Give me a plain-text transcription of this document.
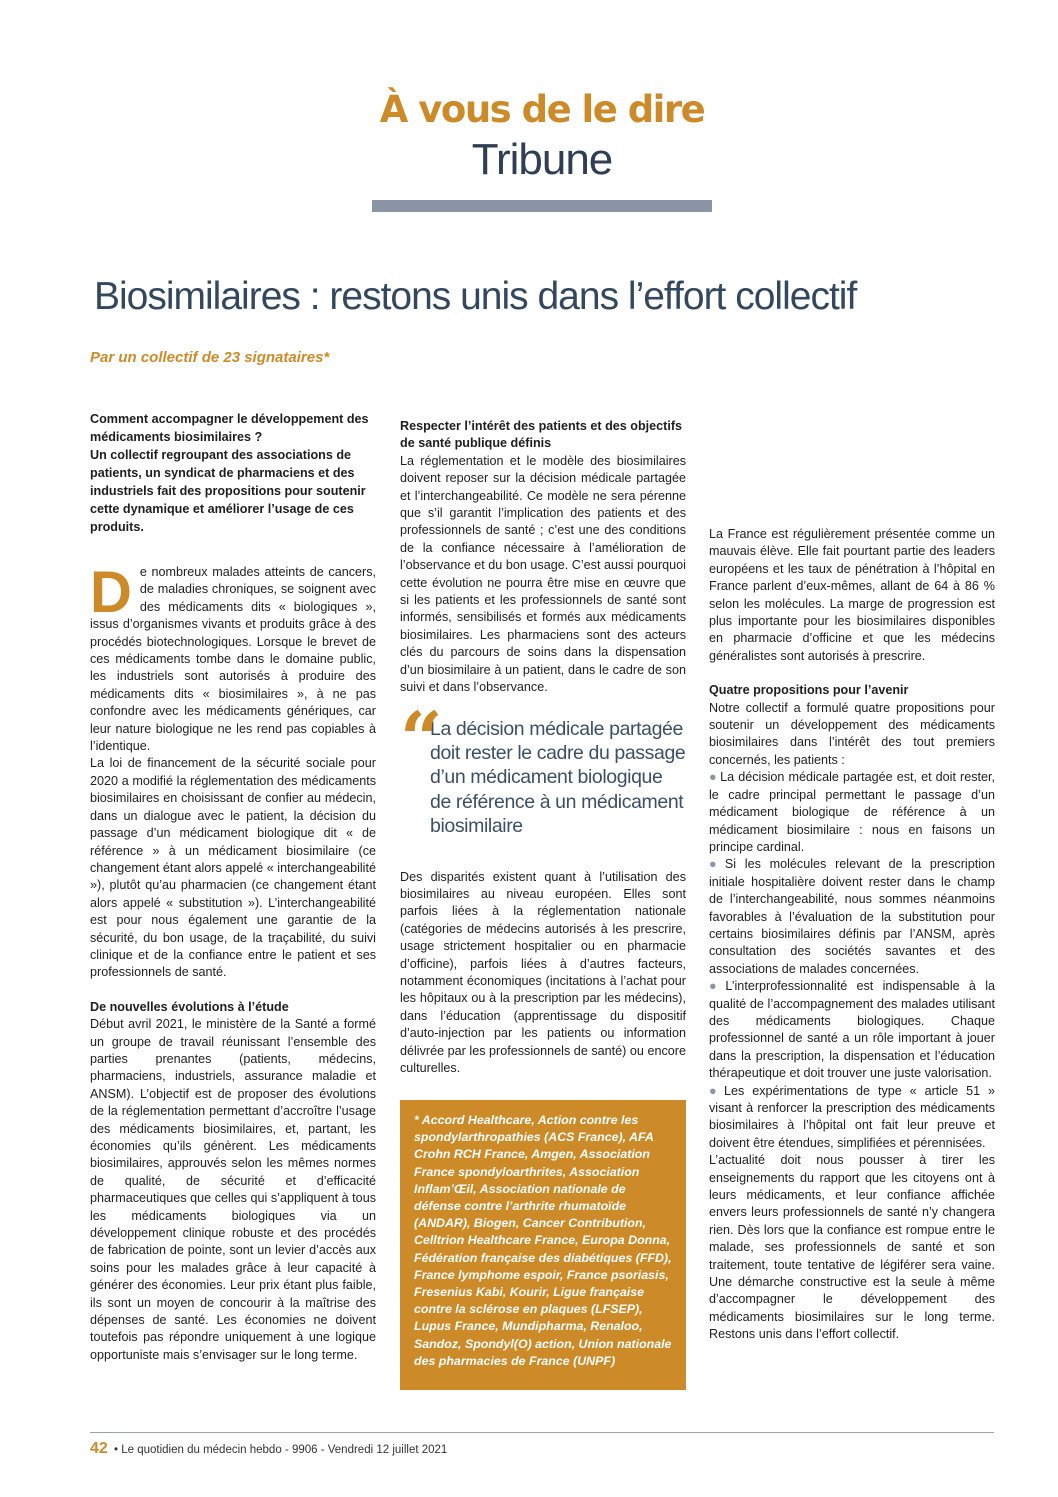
À vous de le dire
Tribune
Biosimilaires : restons unis dans l’effort collectif

Par un collectif de 23 signataires*

Comment accompagner le développement des médicaments biosimilaires ?
Un collectif regroupant des associations de patients, un syndicat de pharmaciens et des industriels fait des propositions pour soutenir cette dynamique et améliorer l’usage de ces produits.

De nombreux malades atteints de cancers, de maladies chroniques, se soignent avec des médicaments dits « biologiques », issus d’organismes vivants et produits grâce à des procédés biotechnologiques. Lorsque le brevet de ces médicaments tombe dans le domaine public, les industriels sont autorisés à produire des médicaments dits « biosimilaires », à ne pas confondre avec les médicaments génériques, car leur nature biologique ne les rend pas copiables à l’identique.

La loi de financement de la sécurité sociale pour 2020 a modifié la réglementation des médicaments biosimilaires en choisissant de confier au médecin, dans un dialogue avec le patient, la décision du passage d’un médicament biologique dit « de référence » à un médicament biosimilaire (ce changement étant alors appelé « interchangeabilité »), plutôt qu’au pharmacien (ce changement étant alors appelé « substitution »). L’interchangeabilité est pour nous également une garantie de la sécurité, du bon usage, de la traçabilité, du suivi clinique et de la confiance entre le patient et ses professionnels de santé.

De nouvelles évolutions à l’étude

Début avril 2021, le ministère de la Santé a formé un groupe de travail réunissant l’ensemble des parties prenantes (patients, médecins, pharmaciens, industriels, assurance maladie et ANSM). L’objectif est de proposer des évolutions de la réglementation permettant d’accroître l’usage des médicaments biosimilaires, et, partant, les économies qu’ils génèrent. Les médicaments biosimilaires, approuvés selon les mêmes normes de qualité, de sécurité et d’efficacité pharmaceutiques que celles qui s’appliquent à tous les médicaments biologiques via un développement clinique robuste et des procédés de fabrication de pointe, sont un levier d’accès aux soins pour les malades grâce à leur capacité à générer des économies. Leur prix étant plus faible, ils sont un moyen de concourir à la maîtrise des dépenses de santé. Les économies ne doivent toutefois pas répondre uniquement à une logique opportuniste mais s’envisager sur le long terme.

Respecter l’intérêt des patients et des objectifs de santé publique définis

La réglementation et le modèle des biosimilaires doivent reposer sur la décision médicale partagée et l’interchangeabilité. Ce modèle ne sera pérenne que s’il garantit l’implication des patients et des professionnels de santé ; c’est une des conditions de la confiance nécessaire à l’amélioration de l’observance et du bon usage. C’est aussi pourquoi cette évolution ne pourra être mise en œuvre que si les patients et les professionnels de santé sont informés, sensibilisés et formés aux médicaments biosimilaires. Les pharmaciens sont des acteurs clés du parcours de soins dans la dispensation d’un biosimilaire à un patient, dans le cadre de son suivi et dans l’observance.

“
La décision médicale partagée doit rester le cadre du passage d’un médicament biologique de référence à un médicament biosimilaire

Des disparités existent quant à l’utilisation des biosimilaires au niveau européen. Elles sont parfois liées à la réglementation nationale (catégories de médecins autorisés à les prescrire, usage strictement hospitalier ou en pharmacie d’officine), parfois liées à d’autres facteurs, notamment économiques (incitations à l’achat pour les hôpitaux ou à la prescription par les médecins), dans l’éducation (apprentissage du dispositif d’auto-injection par les patients ou information délivrée par les professionnels de santé) ou encore culturelles.

* Accord Healthcare, Action contre les spondylarthropathies (ACS France), AFA Crohn RCH France, Amgen, Association France spondyloarthrites, Association Inflam’Œil, Association nationale de défense contre l’arthrite rhumatoïde (ANDAR), Biogen, Cancer Contribution, Celltrion Healthcare France, Europa Donna, Fédération française des diabétiques (FFD), France lymphome espoir, France psoriasis, Fresenius Kabi, Kourir, Ligue française contre la sclérose en plaques (LFSEP), Lupus France, Mundipharma, Renaloo, Sandoz, Spondyl(O) action, Union nationale des pharmacies de France (UNPF)

La France est régulièrement présentée comme un mauvais élève. Elle fait pourtant partie des leaders européens et les taux de pénétration à l’hôpital en France parlent d’eux-mêmes, allant de 64 à 86 % selon les molécules. La marge de progression est plus importante pour les biosimilaires disponibles en pharmacie d’officine et que les médecins généralistes sont autorisés à prescrire.

Quatre propositions pour l’avenir

Notre collectif a formulé quatre propositions pour soutenir un développement des médicaments biosimilaires dans l’intérêt des tout premiers concernés, les patients :

● La décision médicale partagée est, et doit rester, le cadre principal permettant le passage d’un médicament biologique de référence à un médicament biosimilaire : nous en faisons un principe cardinal.

● Si les molécules relevant de la prescription initiale hospitalière doivent rester dans le champ de l’interchangeabilité, nous sommes néanmoins favorables à l’évaluation de la substitution pour certains biosimilaires définis par l’ANSM, après consultation des sociétés savantes et des associations de malades concernées.

● L’interprofessionnalité est indispensable à la qualité de l’accompagnement des malades utilisant des médicaments biologiques. Chaque professionnel de santé a un rôle important à jouer dans la prescription, la dispensation et l’éducation thérapeutique et doit trouver une juste valorisation.

● Les expérimentations de type « article 51 » visant à renforcer la prescription des médicaments biosimilaires à l’hôpital ont fait leur preuve et doivent être étendues, simplifiées et pérennisées.

L’actualité doit nous pousser à tirer les enseignements du rapport que les citoyens ont à leurs médicaments, et leur confiance affichée envers leurs professionnels de santé n’y changera rien. Dès lors que la confiance est rompue entre le malade, ses professionnels de santé et son traitement, toute tentative de légiférer sera vaine. Une démarche constructive est la seule à même d’accompagner le développement des médicaments biosimilaires sur le long terme. Restons unis dans l’effort collectif.

42 • Le quotidien du médecin hebdo - 9906 - Vendredi 12 juillet 2021
